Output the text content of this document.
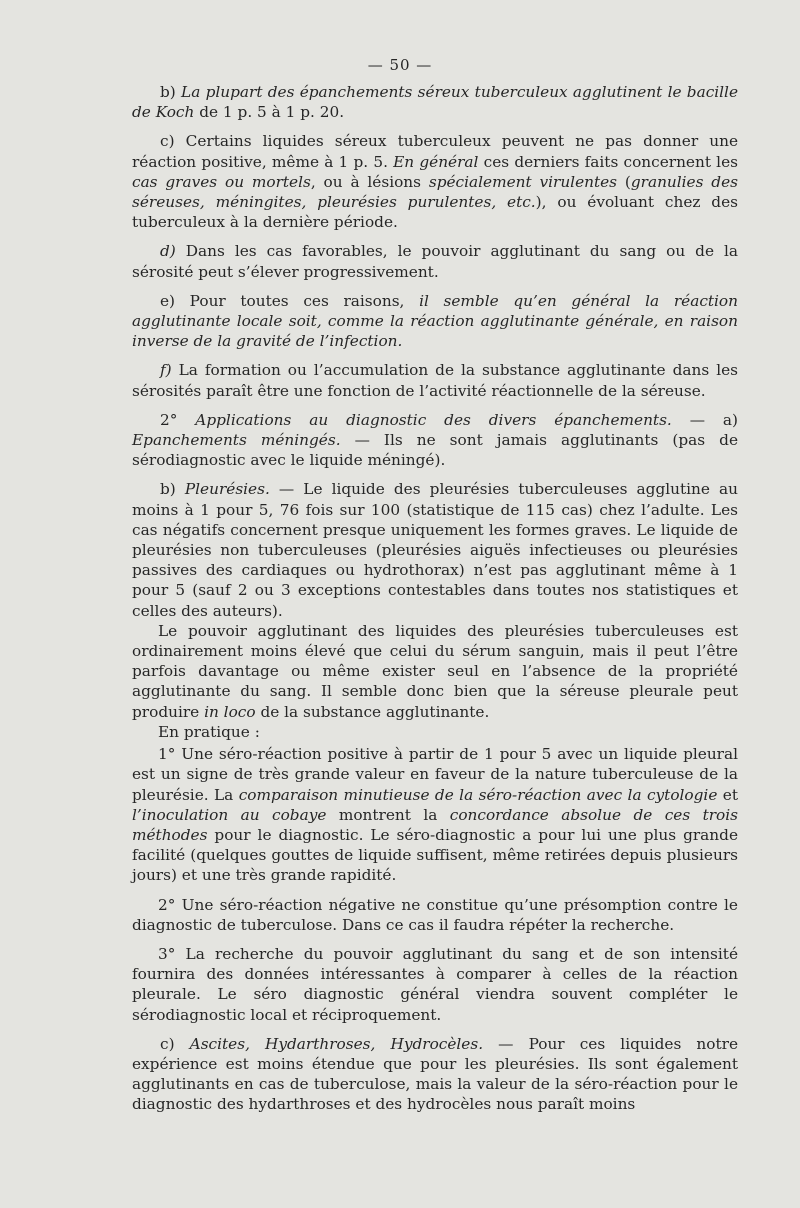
— 50 —

b) La plupart des épanchements séreux tuberculeux agglutinent le bacille de Koch de 1 p. 5 à 1 p. 20.

c) Certains liquides séreux tuberculeux peuvent ne pas donner une réaction positive, même à 1 p. 5. En général ces derniers faits concernent les cas graves ou mortels, ou à lésions spécialement virulentes (granulies des séreuses, méningites, pleurésies purulentes, etc.), ou évoluant chez des tuberculeux à la dernière période.

d) Dans les cas favorables, le pouvoir agglutinant du sang ou de la sérosité peut s’élever progressivement.

e) Pour toutes ces raisons, il semble qu’en général la réaction agglutinante locale soit, comme la réaction agglutinante générale, en raison inverse de la gravité de l’infection.

f) La formation ou l’accumulation de la substance agglutinante dans les sérosités paraît être une fonction de l’activité réactionnelle de la séreuse.

2° Applications au diagnostic des divers épanchements. — a) Epanchements méningés. — Ils ne sont jamais agglutinants (pas de sérodiagnostic avec le liquide méningé).

b) Pleurésies. — Le liquide des pleurésies tuberculeuses agglutine au moins à 1 pour 5, 76 fois sur 100 (statistique de 115 cas) chez l’adulte. Les cas négatifs concernent presque uniquement les formes graves. Le liquide de pleurésies non tuberculeuses (pleurésies aiguës infectieuses ou pleurésies passives des cardiaques ou hydrothorax) n’est pas agglutinant même à 1 pour 5 (sauf 2 ou 3 exceptions contestables dans toutes nos statistiques et celles des auteurs).

Le pouvoir agglutinant des liquides des pleurésies tuberculeuses est ordinairement moins élevé que celui du sérum sanguin, mais il peut l’être parfois davantage ou même exister seul en l’absence de la propriété agglutinante du sang. Il semble donc bien que la séreuse pleurale peut produire in loco de la substance agglutinante.

En pratique :

1° Une séro-réaction positive à partir de 1 pour 5 avec un liquide pleural est un signe de très grande valeur en faveur de la nature tuberculeuse de la pleurésie. La comparaison minutieuse de la séro-réaction avec la cytologie et l’inoculation au cobaye montrent la concordance absolue de ces trois méthodes pour le diagnostic. Le séro-diagnostic a pour lui une plus grande facilité (quelques gouttes de liquide suffisent, même retirées depuis plusieurs jours) et une très grande rapidité.

2° Une séro-réaction négative ne constitue qu’une présomption contre le diagnostic de tuberculose. Dans ce cas il faudra répéter la recherche.

3° La recherche du pouvoir agglutinant du sang et de son intensité fournira des données intéressantes à comparer à celles de la réaction pleurale. Le séro diagnostic général viendra souvent compléter le sérodiagnostic local et réciproquement.

c) Ascites, Hydarthroses, Hydrocèles. — Pour ces liquides notre expérience est moins étendue que pour les pleurésies. Ils sont également agglutinants en cas de tuberculose, mais la valeur de la séro-réaction pour le diagnostic des hydarthroses et des hydrocèles nous paraît moins
